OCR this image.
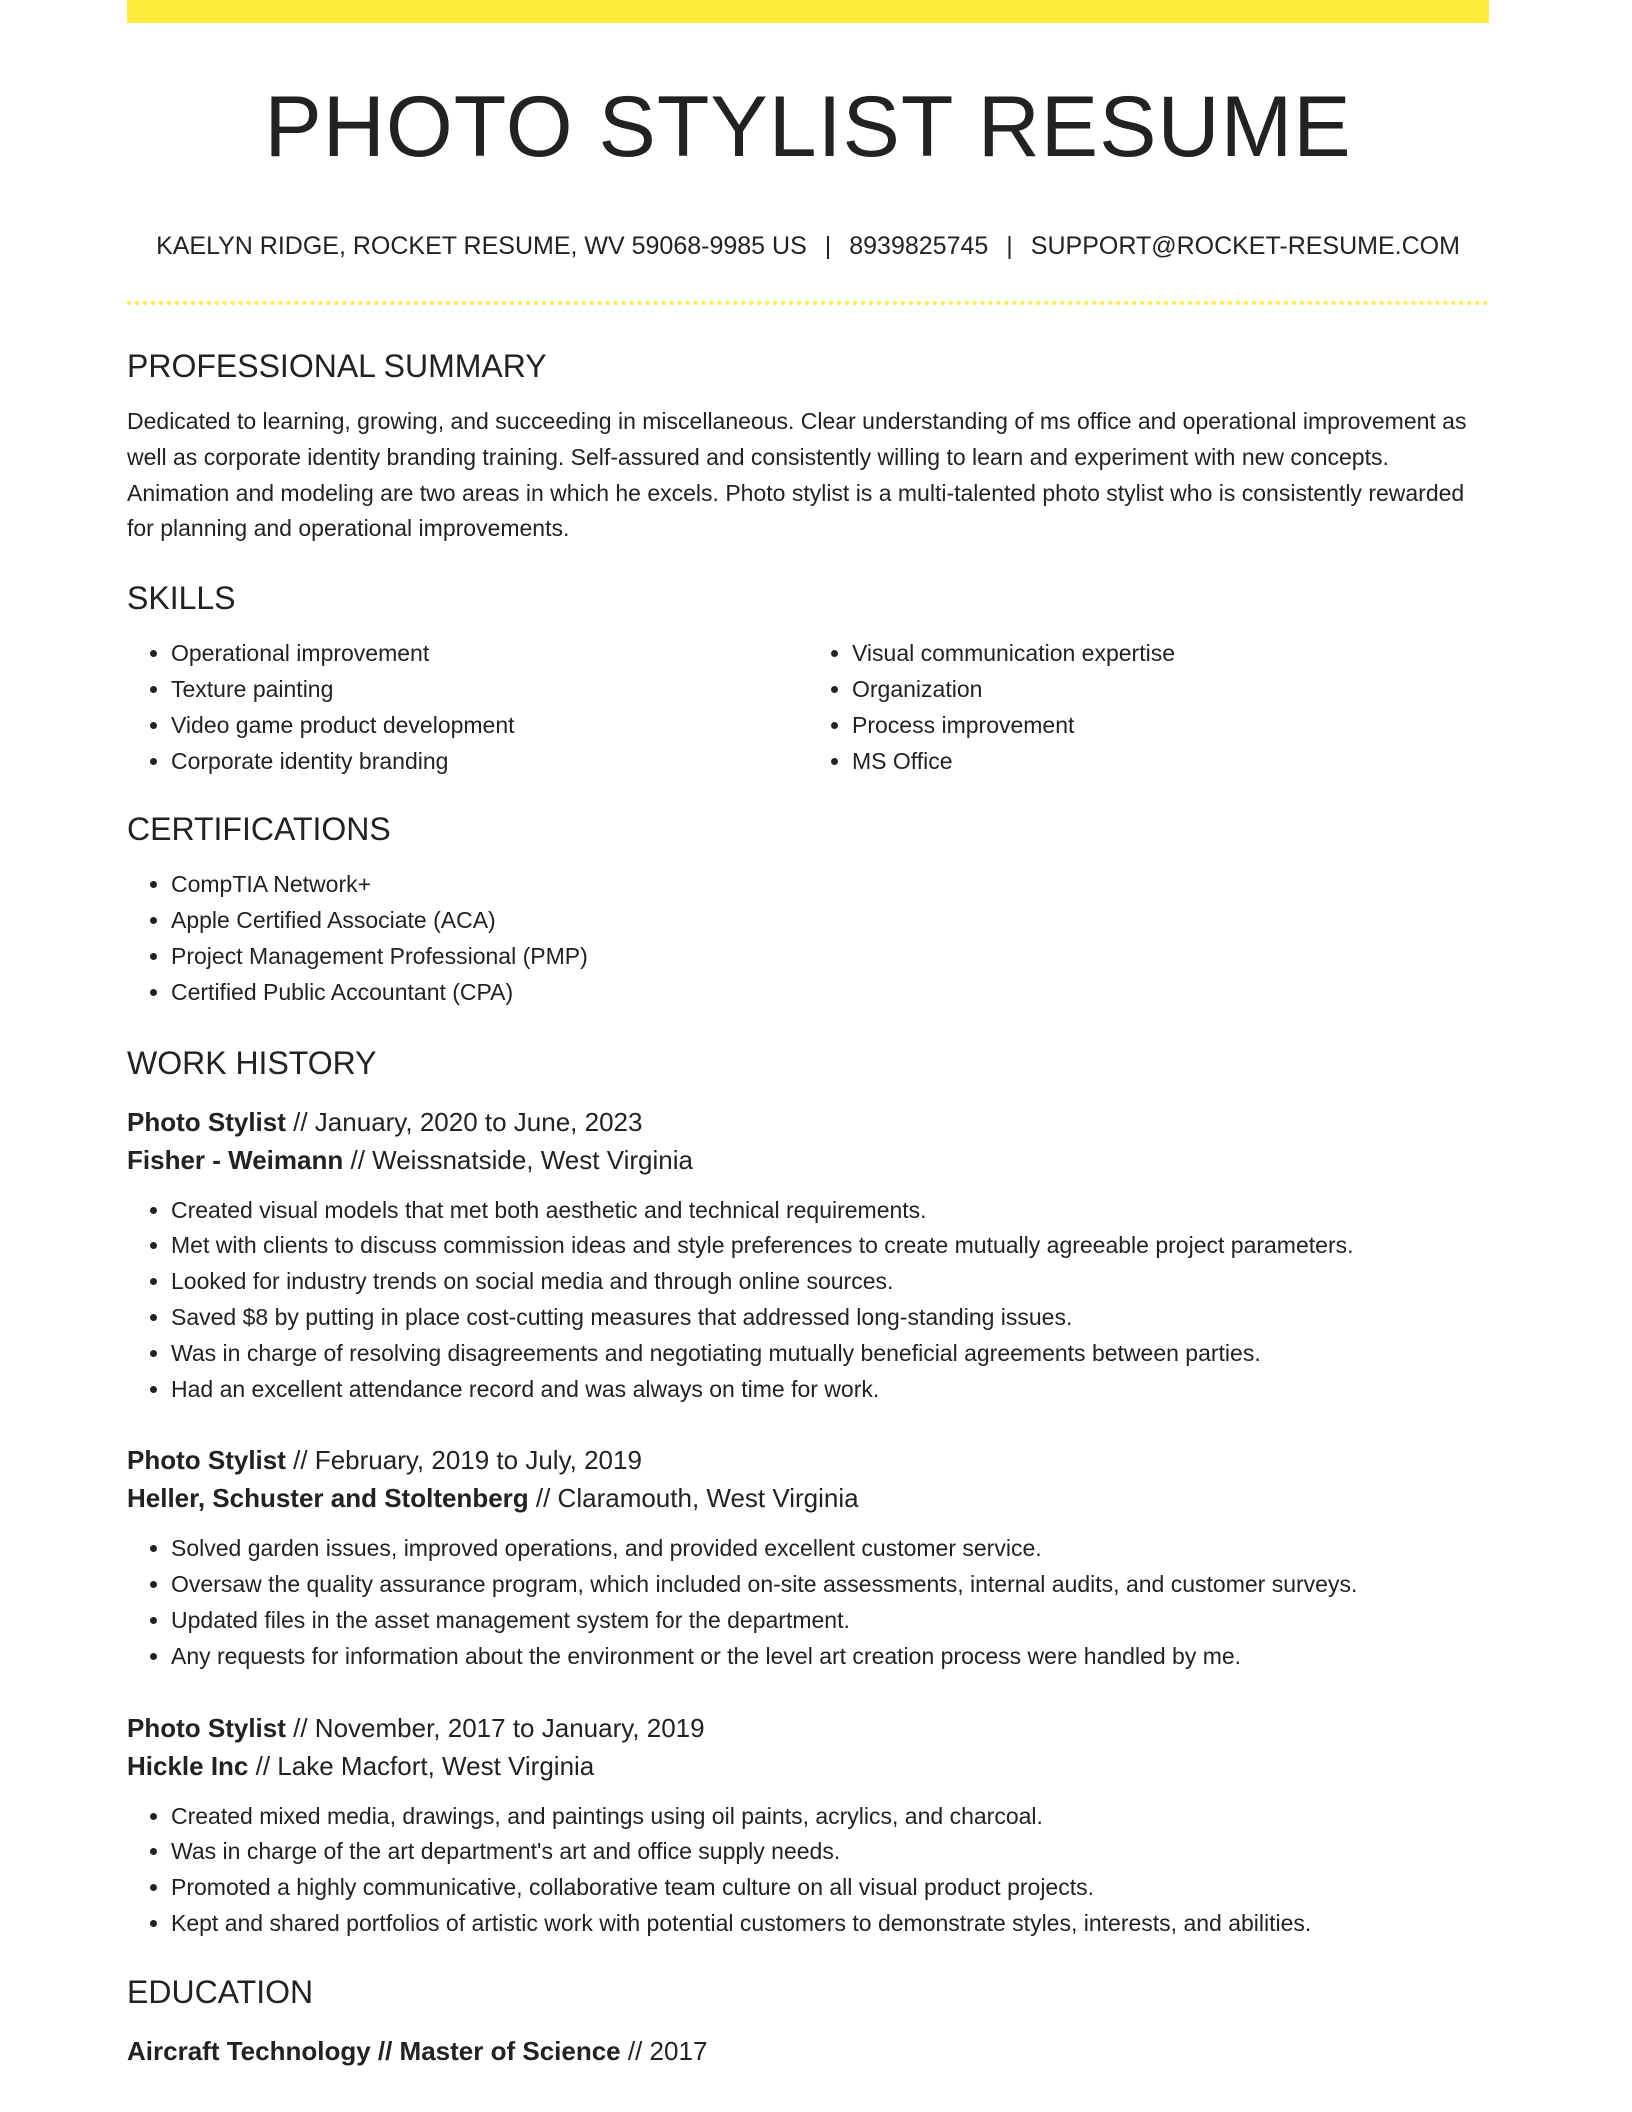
PHOTO STYLIST RESUME
KAELYN RIDGE, ROCKET RESUME, WV 59068-9985 US | 8939825745 | SUPPORT@ROCKET-RESUME.COM
PROFESSIONAL SUMMARY

Dedicated to learning, growing, and succeeding in miscellaneous. Clear understanding of ms office and operational improvement as well as corporate identity branding training. Self-assured and consistently willing to learn and experiment with new concepts. Animation and modeling are two areas in which he excels. Photo stylist is a multi-talented photo stylist who is consistently rewarded for planning and operational improvements.

SKILLS
• Operational improvement
• Texture painting
• Video game product development
• Corporate identity branding
• Visual communication expertise
• Organization
• Process improvement
• MS Office
CERTIFICATIONS
• CompTIA Network+
• Apple Certified Associate (ACA)
• Project Management Professional (PMP)
• Certified Public Accountant (CPA)
WORK HISTORY

Photo Stylist // January, 2020 to June, 2023

Fisher - Weimann // Weissnatside, West Virginia

• Created visual models that met both aesthetic and technical requirements.
• Met with clients to discuss commission ideas and style preferences to create mutually agreeable project parameters.
• Looked for industry trends on social media and through online sources.
• Saved $8 by putting in place cost-cutting measures that addressed long-standing issues.
• Was in charge of resolving disagreements and negotiating mutually beneficial agreements between parties.
• Had an excellent attendance record and was always on time for work.

Photo Stylist // February, 2019 to July, 2019

Heller, Schuster and Stoltenberg // Claramouth, West Virginia

• Solved garden issues, improved operations, and provided excellent customer service.
• Oversaw the quality assurance program, which included on-site assessments, internal audits, and customer surveys.
• Updated files in the asset management system for the department.
• Any requests for information about the environment or the level art creation process were handled by me.

Photo Stylist // November, 2017 to January, 2019

Hickle Inc // Lake Macfort, West Virginia

• Created mixed media, drawings, and paintings using oil paints, acrylics, and charcoal.
• Was in charge of the art department's art and office supply needs.
• Promoted a highly communicative, collaborative team culture on all visual product projects.
• Kept and shared portfolios of artistic work with potential customers to demonstrate styles, interests, and abilities.
EDUCATION

Aircraft Technology // Master of Science // 2017
